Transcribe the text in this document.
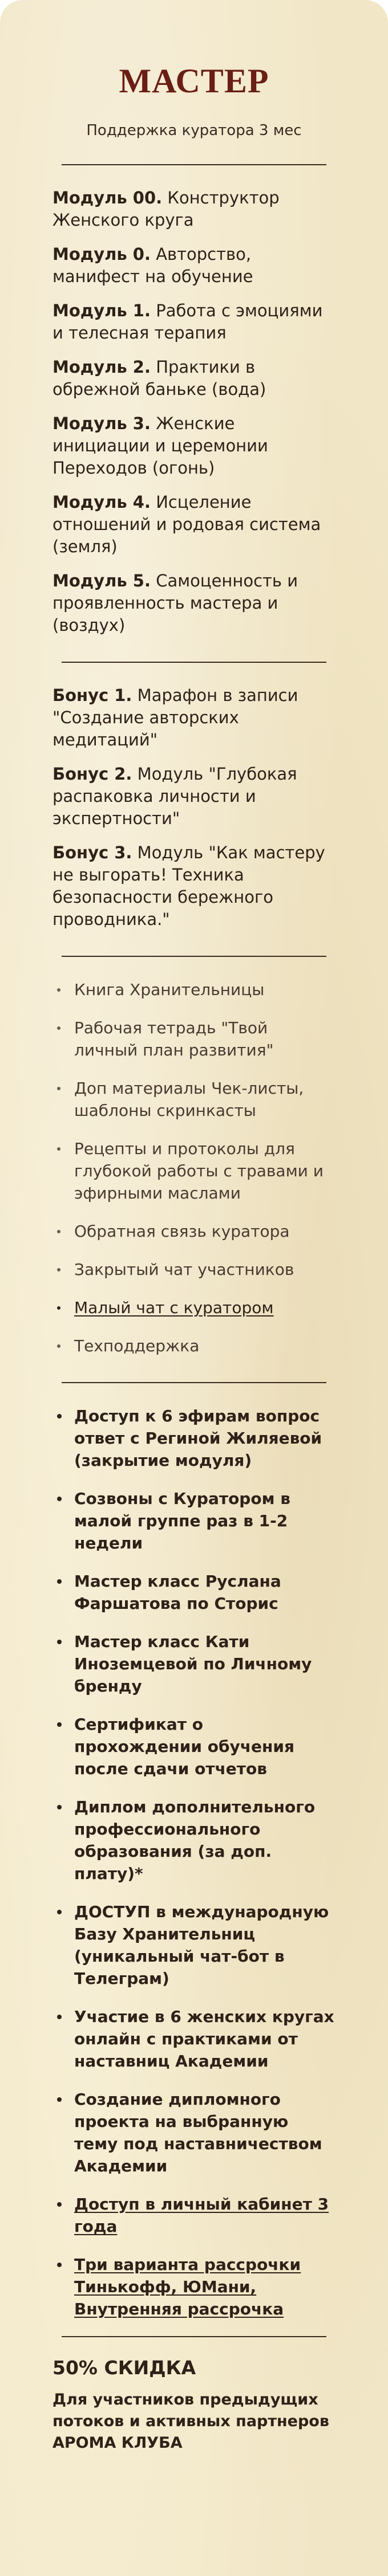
МАСТЕР
Поддержка куратора 3 мес
Модуль 00. Конструктор Женского круга
Модуль 0. Авторство, манифест на обучение
Модуль 1. Работа с эмоциями и телесная терапия
Модуль 2. Практики в обрежной баньке (вода)
Модуль 3. Женские инициации и церемонии Переходов (огонь)
Модуль 4. Исцеление отношений и родовая система (земля)
Модуль 5. Самоценность и проявленность мастера и (воздух)
Бонус 1. Марафон в записи "Создание авторских медитаций"
Бонус 2. Модуль "Глубокая распаковка личности и экспертности"
Бонус 3. Модуль "Как мастеру не выгорать! Техника безопасности бережного проводника."
Книга Хранительницы
Рабочая тетрадь "Твой личный план развития"
Доп материалы Чек-листы, шаблоны скринкасты
Рецепты и протоколы для глубокой работы с травами и эфирными маслами
Обратная связь куратора
Закрытый чат участников
Малый чат с куратором
Техподдержка
Доступ к 6 эфирам вопрос ответ с Региной Жиляевой (закрытие модуля)
Созвоны с Куратором в малой группе раз в 1-2 недели
Мастер класс Руслана Фаршатова по Сторис
Мастер класс Кати Иноземцевой по Личному бренду
Сертификат о прохождении обучения после сдачи отчетов
Диплом дополнительного профессионального образования (за доп. плату)*
ДОСТУП в международную Базу Хранительниц (уникальный чат-бот в Телеграм)
Участие в 6 женских кругах онлайн с практиками от наставниц Академии
Создание дипломного проекта на выбранную тему под наставничеством Академии
Доступ в личный кабинет 3 года
Три варианта рассрочки Тинькофф, ЮМани, Внутренняя рассрочка
50% СКИДКА
Для участников предыдущих потоков и активных партнеров АРОМА КЛУБА
